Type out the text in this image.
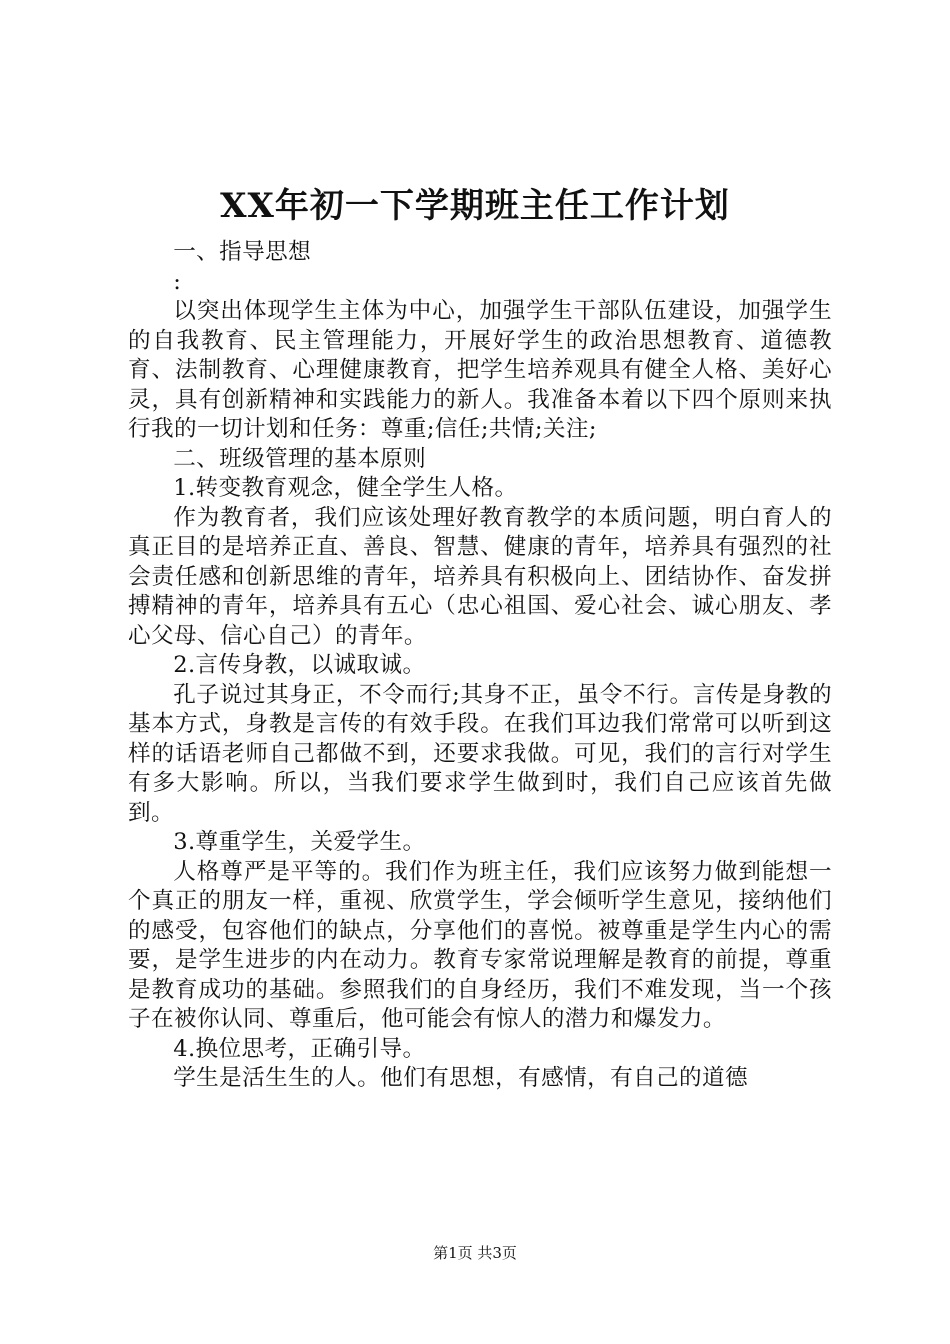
XX年初一下学期班主任工作计划

一、指导思想

:

以突出体现学生主体为中心，加强学生干部队伍建设，加强学生的自我教育、民主管理能力，开展好学生的政治思想教育、道德教育、法制教育、心理健康教育，把学生培养观具有健全人格、美好心灵，具有创新精神和实践能力的新人。我准备本着以下四个原则来执行我的一切计划和任务：尊重;信任;共情;关注;

二、班级管理的基本原则

1.转变教育观念，健全学生人格。

作为教育者，我们应该处理好教育教学的本质问题，明白育人的真正目的是培养正直、善良、智慧、健康的青年，培养具有强烈的社会责任感和创新思维的青年，培养具有积极向上、团结协作、奋发拼搏精神的青年，培养具有五心（忠心祖国、爱心社会、诚心朋友、孝心父母、信心自己）的青年。

2.言传身教，以诚取诚。

孔子说过其身正，不令而行;其身不正，虽令不行。言传是身教的基本方式，身教是言传的有效手段。在我们耳边我们常常可以听到这样的话语老师自己都做不到，还要求我做。可见，我们的言行对学生有多大影响。所以，当我们要求学生做到时，我们自己应该首先做到。

3.尊重学生，关爱学生。

人格尊严是平等的。我们作为班主任，我们应该努力做到能想一个真正的朋友一样，重视、欣赏学生，学会倾听学生意见，接纳他们的感受，包容他们的缺点，分享他们的喜悦。被尊重是学生内心的需要，是学生进步的内在动力。教育专家常说理解是教育的前提，尊重是教育成功的基础。参照我们的自身经历，我们不难发现，当一个孩子在被你认同、尊重后，他可能会有惊人的潜力和爆发力。

4.换位思考，正确引导。

学生是活生生的人。他们有思想，有感情，有自己的道德

第1页 共3页
